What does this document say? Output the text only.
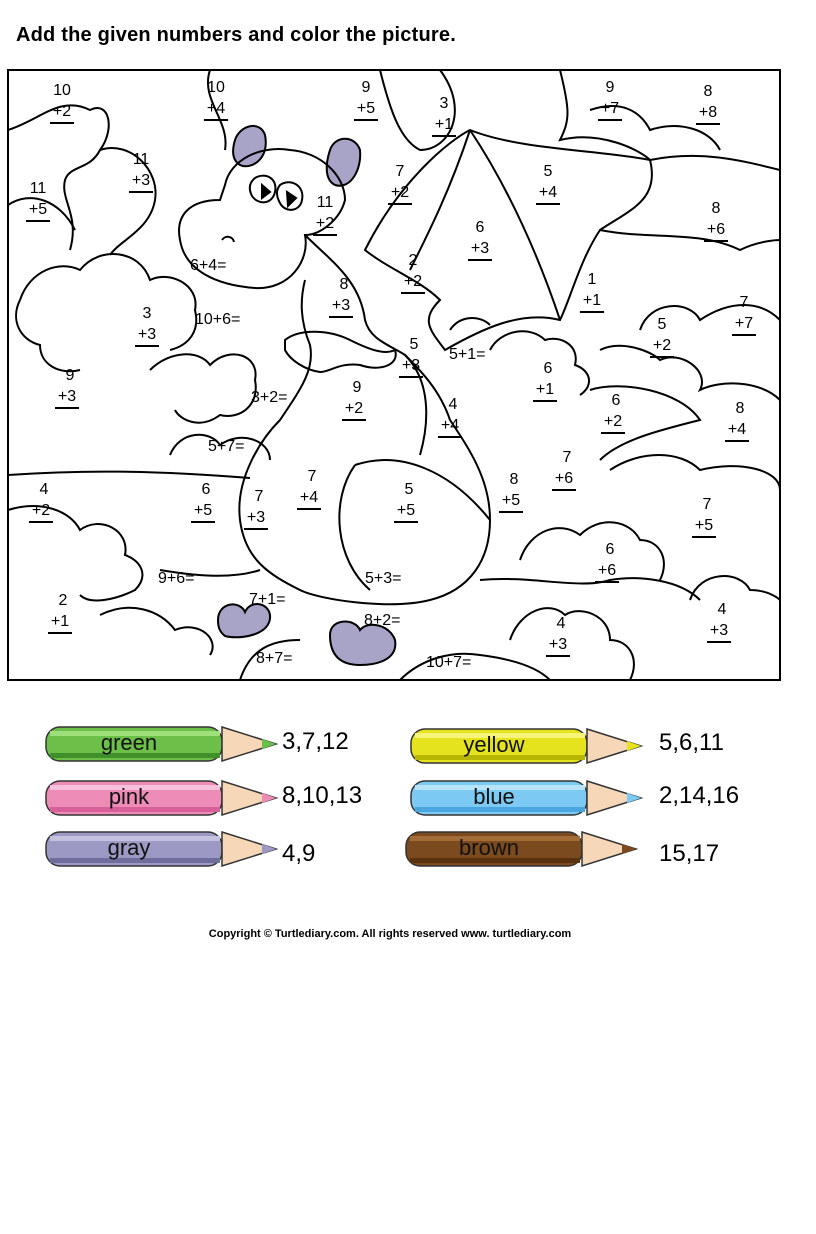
Add the given numbers and color the picture.
10
+2
10
+4
9
+5	3
+1
9
+7
8
+8
11
+3
11
+5
7
+2
5
+4
11
+2
8
+6
6
+3
2
+2	1
+1	7
+7
8
+3
3
+3
5
+2
5
+3
9
+3
6
+1
9
+2	4
+4
6
+2
8
+4
7
+6
4
+2
6
+5
7
+4
7
+3
5
+5
8
+5	7
+5
6
+6
2
+1	4
+3
4
+3
6+4=
10+6=
5+1=
3+2=
5+7=
9+6=	5+3=
7+1=
8+2=
8+7=	10+7=
green	3,7,12	yellow	5,6,11
pink	8,10,13	blue	2,14,16
gray	4,9	brown	15,17
Copyright © Turtlediary.com. All rights reserved www. turtlediary.com
